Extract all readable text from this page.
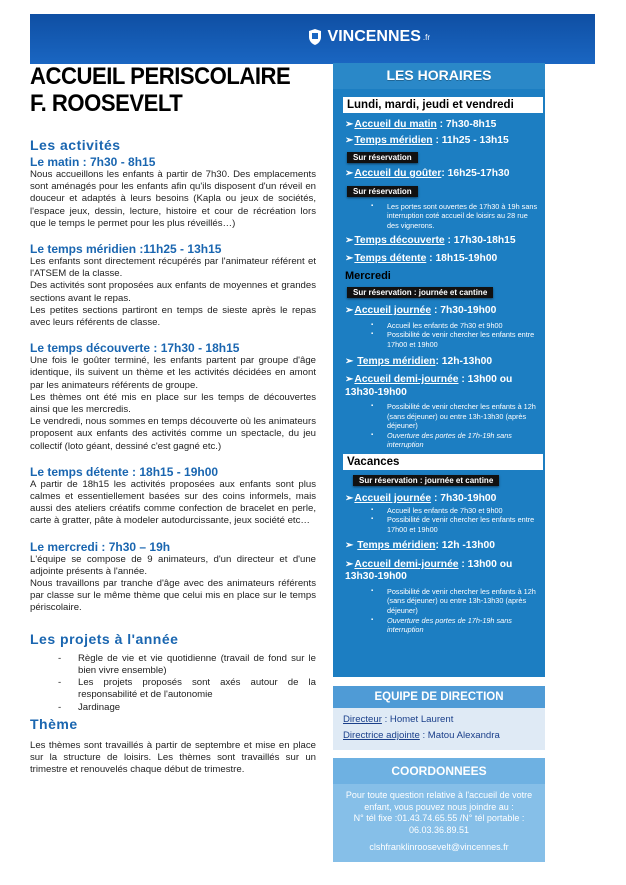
VINCENNES .fr
ACCUEIL PERISCOLAIRE
F. ROOSEVELT
Les activités
Le matin : 7h30 - 8h15
Nous accueillons les enfants à partir de 7h30. Des emplacements sont aménagés pour les enfants afin qu'ils disposent d'un réveil en douceur et adaptés à leurs besoins (Kapla ou jeux de sociétés, l'espace jeux, dessin, lecture, histoire et cour de récréation lors que le temps le permet pour les plus réveillés…)
Le temps méridien :11h25 - 13h15
Les enfants sont directement récupérés par l'animateur référent et l'ATSEM de la classe.
Des activités sont proposées aux enfants de moyennes et grandes sections avant le repas.
Les petites sections partiront en temps de sieste après le repas avec leurs référents de classe.
Le temps découverte : 17h30 - 18h15
Une fois le goûter terminé, les enfants partent par groupe d'âge identique, ils suivent un thème et les activités décidées en amont par les animateurs référents de groupe.
Les thèmes ont été mis en place sur les temps de découvertes ainsi que les mercredis.
Le vendredi, nous sommes en temps découverte où les animateurs proposent aux enfants des activités comme un spectacle, du jeu collectif (loto géant, dessiné c'est gagné etc.)
Le temps détente : 18h15 - 19h00
A partir de 18h15 les activités proposées aux enfants sont plus calmes et essentiellement basées sur des coins informels, mais aussi des ateliers créatifs comme confection de bracelet en perle, carte à gratter, pâte à modeler autodurcissante, jeux société etc…
Le mercredi : 7h30 – 19h
L'équipe se compose de 9 animateurs, d'un directeur et d'une adjointe présents à l'année.
Nous travaillons par tranche d'âge avec des animateurs référents par classe sur le même thème que celui mis en place sur le temps périscolaire.
Les projets à l'année
- Règle de vie et vie quotidienne (travail de fond sur le bien vivre ensemble)
- Les projets proposés sont axés autour de la responsabilité et de l'autonomie
- Jardinage
Thème
Les thèmes sont travaillés à partir de septembre et mise en place sur la structure de loisirs. Les thèmes sont travaillés sur un trimestre et renouvelés chaque début de trimestre.
LES HORAIRES
Lundi, mardi, jeudi et vendredi
➢Accueil du matin : 7h30-8h15
➢Temps méridien : 11h25 - 13h15
Sur réservation
➢Accueil du goûter: 16h25-17h30
Sur réservation
▪ Les portes sont ouvertes de 17h30 à 19h sans interruption coté accueil de loisirs au 28 rue des vignerons.
➢Temps découverte : 17h30-18h15
➢Temps détente : 18h15-19h00
Mercredi
Sur réservation : journée et cantine
➢Accueil journée : 7h30-19h00
▪ Accueil les enfants de 7h30 et 9h00
▪ Possibilité de venir chercher les enfants entre 17h00 et 19h00
➢ Temps méridien: 12h-13h00
➢Accueil demi-journée : 13h00 ou 13h30-19h00
▪ Possibilité de venir chercher les enfants à 12h (sans déjeuner) ou entre 13h-13h30 (après déjeuner)
▪ Ouverture des portes de 17h-19h sans interruption
Vacances
Sur réservation : journée et cantine
➢Accueil journée : 7h30-19h00
▪ Accueil les enfants de 7h30 et 9h00
▪ Possibilité de venir chercher les enfants entre 17h00 et 19h00
➢ Temps méridien: 12h -13h00
➢Accueil demi-journée : 13h00 ou 13h30-19h00
▪ Possibilité de venir chercher les enfants à 12h (sans déjeuner) ou entre 13h-13h30 (après déjeuner)
▪ Ouverture des portes de 17h-19h sans interruption
EQUIPE DE DIRECTION
Directeur : Homet Laurent
Directrice adjointe : Matou Alexandra
COORDONNEES
Pour toute question relative à l'accueil de votre enfant, vous pouvez nous joindre au :
N° tél fixe :01.43.74.65.55 /N° tél portable : 06.03.36.89.51
clshfranklinroosevelt@vincennes.fr
